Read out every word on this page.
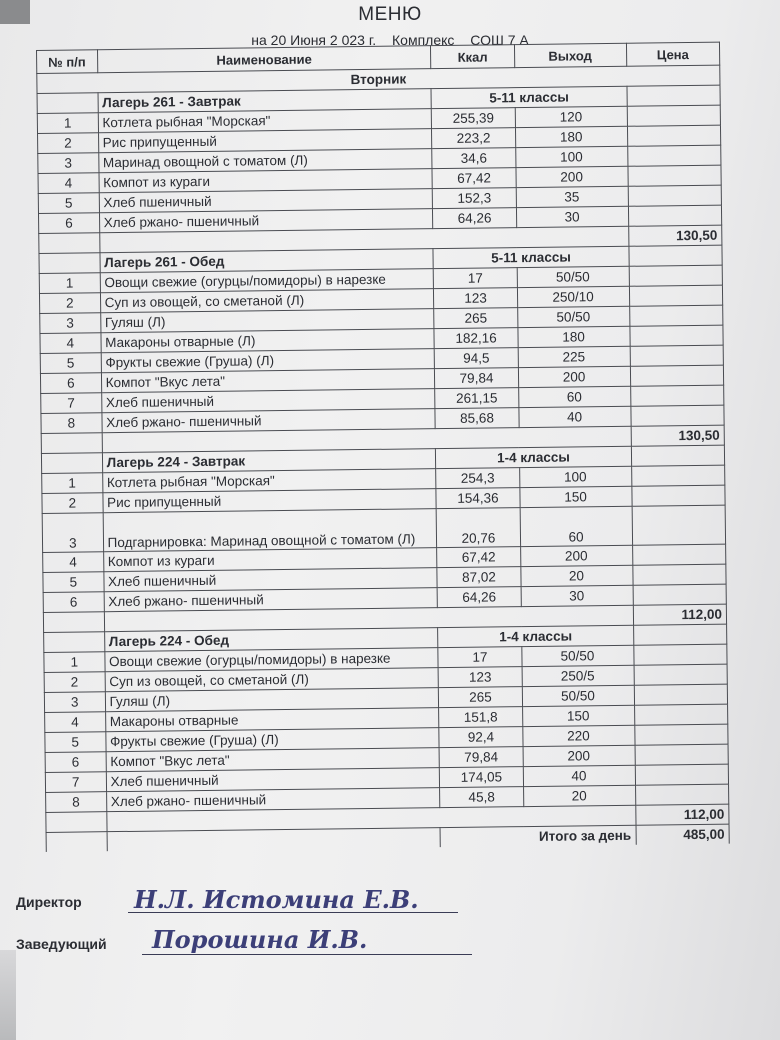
МЕНЮ
на 20 Июня 2 023 г. Комплекс СОШ 7 А
№ п/п	Наименование	Ккал	Выход	Цена
Вторник				
	Лагерь 261 - Завтрак	5-11 классы		
1	Котлета рыбная "Морская"	255,39	120	
2	Рис припущенный	223,2	180	
3	Маринад овощной с томатом (Л)	34,6	100	
4	Компот из кураги	67,42	200	
5	Хлеб пшеничный	152,3	35	
6	Хлеб ржано- пшеничный	64,26	30	
				130,50
	Лагерь 261 - Обед	5-11 классы		
1	Овощи свежие (огурцы/помидоры) в нарезке	17	50/50	
2	Суп из овощей, со сметаной (Л)	123	250/10	
3	Гуляш (Л)	265	50/50	
4	Макароны отварные (Л)	182,16	180	
5	Фрукты свежие (Груша) (Л)	94,5	225	
6	Компот "Вкус лета"	79,84	200	
7	Хлеб пшеничный	261,15	60	
8	Хлеб ржано- пшеничный	85,68	40	
				130,50
	Лагерь 224 - Завтрак	1-4 классы		
1	Котлета рыбная "Морская"	254,3	100	
2	Рис припущенный	154,36	150	
3	Подгарнировка: Маринад овощной с томатом (Л)	20,76	60	
4	Компот из кураги	67,42	200	
5	Хлеб пшеничный	87,02	20	
6	Хлеб ржано- пшеничный	64,26	30	
				112,00
	Лагерь 224 - Обед	1-4 классы		
1	Овощи свежие (огурцы/помидоры) в нарезке	17	50/50	
2	Суп из овощей, со сметаной (Л)	123	250/5	
3	Гуляш (Л)	265	50/50	
4	Макароны отварные	151,8	150	
5	Фрукты свежие (Груша) (Л)	92,4	220	
6	Компот "Вкус лета"	79,84	200	
7	Хлеб пшеничный	174,05	40	
8	Хлеб ржано- пшеничный	45,8	20	
				112,00
		Итого за день		485,00
Директор Н.Л. Истомина Е.В.
Заведующий Порошина И.В.
